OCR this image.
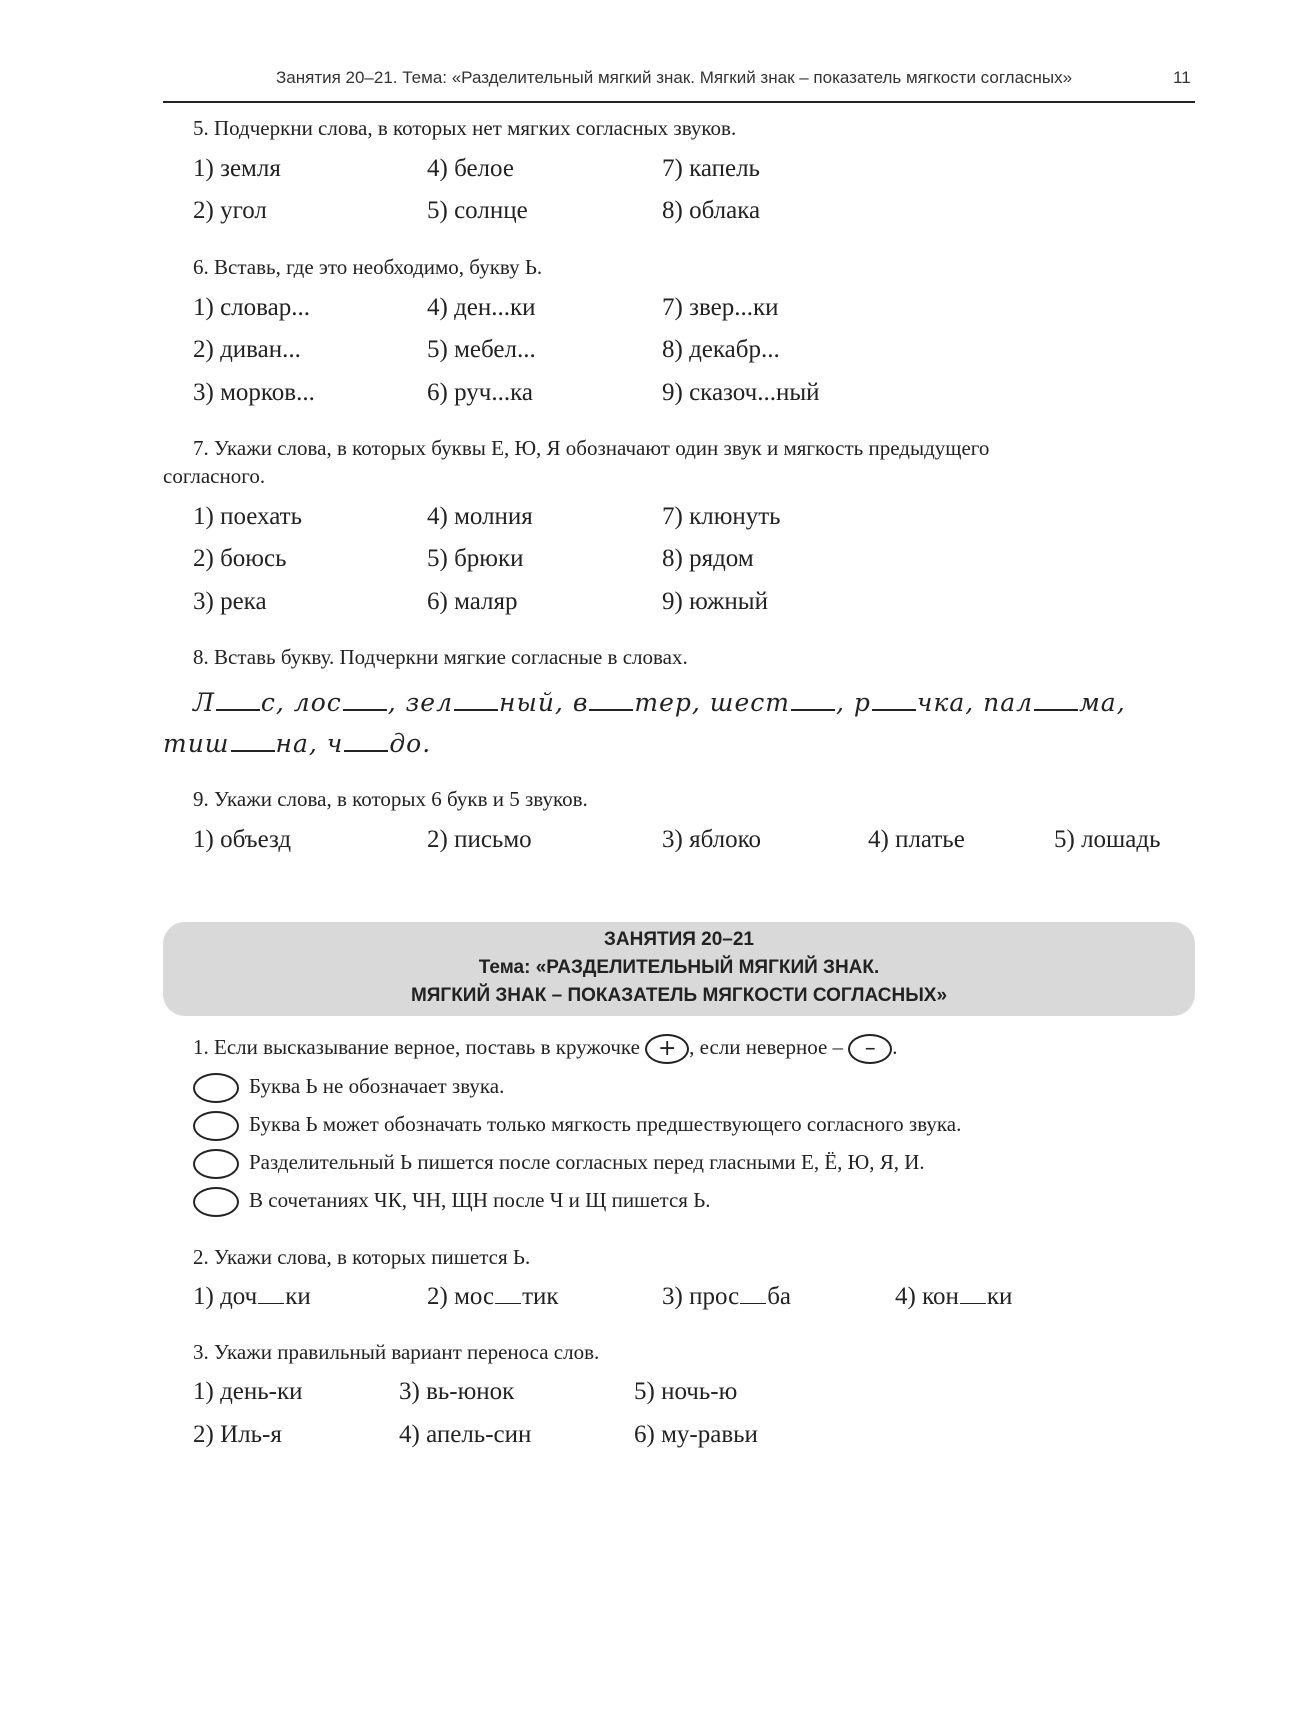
Занятия 20–21. Тема: «Разделительный мягкий знак. Мягкий знак – показатель мягкости согласных»	11
5. Подчеркни слова, в которых нет мягких согласных звуков.
1) земля	4) белое	7) капель
2) угол	5) солнце	8) облака
6. Вставь, где это необходимо, букву Ь.
1) словар...	4) ден...ки	7) звер...ки
2) диван...	5) мебел...	8) декабр...
3) морков...	6) руч...ка	9) сказоч...ный
7. Укажи слова, в которых буквы Е, Ю, Я обозначают один звук и мягкость предыдущего
согласного.
1) поехать	4) молния	7) клюнуть
2) боюсь	5) брюки	8) рядом
3) река	6) маляр	9) южный
8. Вставь букву. Подчеркни мягкие согласные в словах.
Л с, лос , зел ный, в тер, шест , р чка, пал ма,
тиш на, ч до.
9. Укажи слова, в которых 6 букв и 5 звуков.
1) объезд	2) письмо	3) яблоко	4) платье	5) лошадь
ЗАНЯТИЯ 20–21
Тема: «РАЗДЕЛИТЕЛЬНЫЙ МЯГКИЙ ЗНАК.
МЯГКИЙ ЗНАК – ПОКАЗАТЕЛЬ МЯГКОСТИ СОГЛАСНЫХ»
1. Если высказывание верное, поставь в кружочке + , если неверное – – .
Буква Ь не обозначает звука.
Буква Ь может обозначать только мягкость предшествующего согласного звука.
Разделительный Ь пишется после согласных перед гласными Е, Ё, Ю, Я, И.
В сочетаниях ЧК, ЧН, ЩН после Ч и Щ пишется Ь.
2. Укажи слова, в которых пишется Ь.
1) доч ки	2) мос тик	3) прос ба	4) кон ки
3. Укажи правильный вариант переноса слов.
1) день-ки	3) вь-юнок	5) ночь-ю
2) Иль-я	4) апель-син	6) му-равьи
